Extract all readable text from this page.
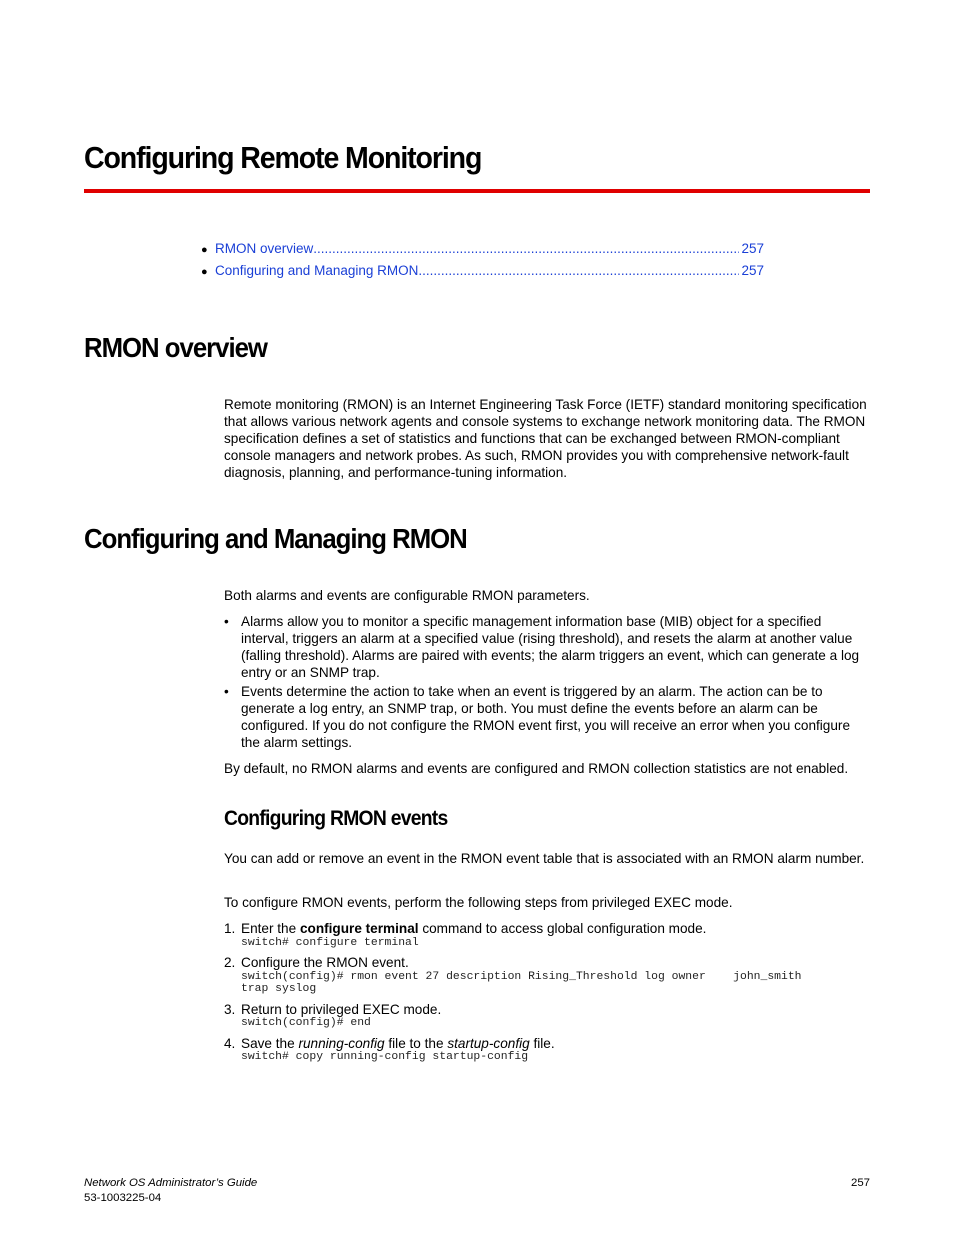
Configuring Remote Monitoring
● RMON overview .....	257
● Configuring and Managing RMON .....	257
RMON overview
Remote monitoring (RMON) is an Internet Engineering Task Force (IETF) standard monitoring specification that allows various network agents and console systems to exchange network monitoring data. The RMON specification defines a set of statistics and functions that can be exchanged between RMON-compliant console managers and network probes. As such, RMON provides you with comprehensive network-fault diagnosis, planning, and performance-tuning information.
Configuring and Managing RMON
Both alarms and events are configurable RMON parameters.
• Alarms allow you to monitor a specific management information base (MIB) object for a specified interval, triggers an alarm at a specified value (rising threshold), and resets the alarm at another value (falling threshold). Alarms are paired with events; the alarm triggers an event, which can generate a log entry or an SNMP trap.
• Events determine the action to take when an event is triggered by an alarm. The action can be to generate a log entry, an SNMP trap, or both. You must define the events before an alarm can be configured. If you do not configure the RMON event first, you will receive an error when you configure the alarm settings.
By default, no RMON alarms and events are configured and RMON collection statistics are not enabled.
Configuring RMON events
You can add or remove an event in the RMON event table that is associated with an RMON alarm number.
To configure RMON events, perform the following steps from privileged EXEC mode.
1. Enter the configure terminal command to access global configuration mode.
switch# configure terminal
2. Configure the RMON event.
switch(config)# rmon event 27 description Rising_Threshold log owner    john_smith
trap syslog
3. Return to privileged EXEC mode.
switch(config)# end
4. Save the running-config file to the startup-config file.
switch# copy running-config startup-config
Network OS Administrator’s Guide
53-1003225-04
257
